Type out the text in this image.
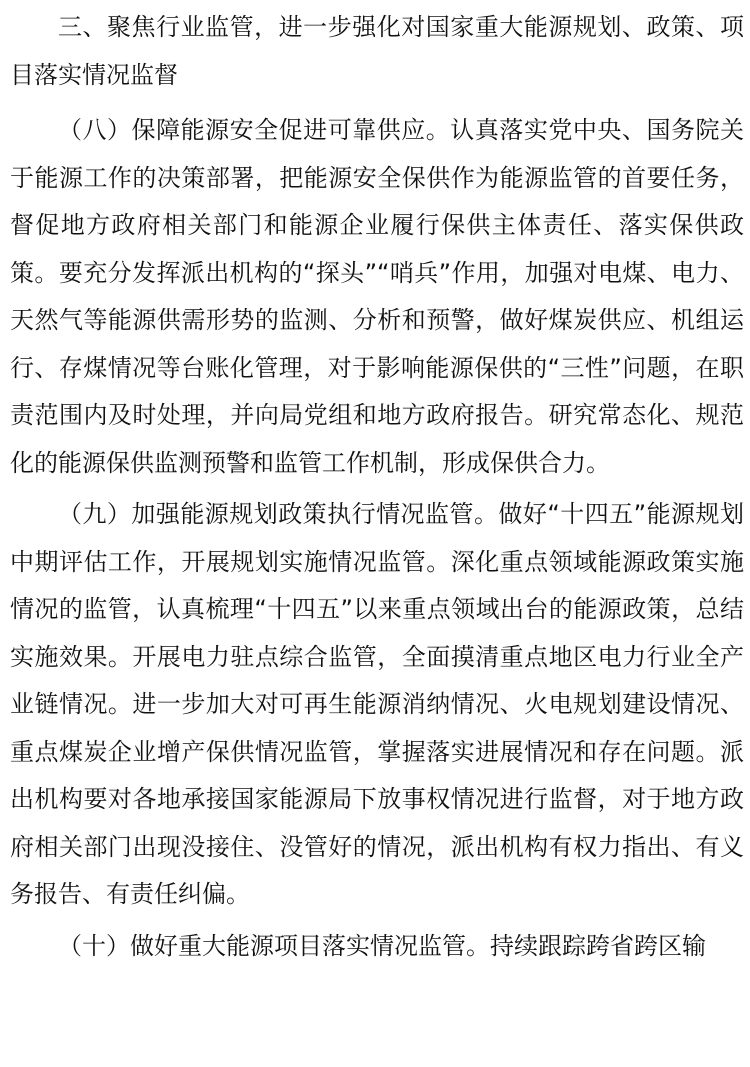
三、聚焦行业监管，进一步强化对国家重大能源规划、政策、项目落实情况监督

（八）保障能源安全促进可靠供应。认真落实党中央、国务院关于能源工作的决策部署，把能源安全保供作为能源监管的首要任务，督促地方政府相关部门和能源企业履行保供主体责任、落实保供政策。要充分发挥派出机构的“探头”“哨兵”作用，加强对电煤、电力、天然气等能源供需形势的监测、分析和预警，做好煤炭供应、机组运行、存煤情况等台账化管理，对于影响能源保供的“三性”问题，在职责范围内及时处理，并向局党组和地方政府报告。研究常态化、规范化的能源保供监测预警和监管工作机制，形成保供合力。

（九）加强能源规划政策执行情况监管。做好“十四五”能源规划中期评估工作，开展规划实施情况监管。深化重点领域能源政策实施情况的监管，认真梳理“十四五”以来重点领域出台的能源政策，总结实施效果。开展电力驻点综合监管，全面摸清重点地区电力行业全产业链情况。进一步加大对可再生能源消纳情况、火电规划建设情况、重点煤炭企业增产保供情况监管，掌握落实进展情况和存在问题。派出机构要对各地承接国家能源局下放事权情况进行监督，对于地方政府相关部门出现没接住、没管好的情况，派出机构有权力指出、有义务报告、有责任纠偏。

（十）做好重大能源项目落实情况监管。持续跟踪跨省跨区输
